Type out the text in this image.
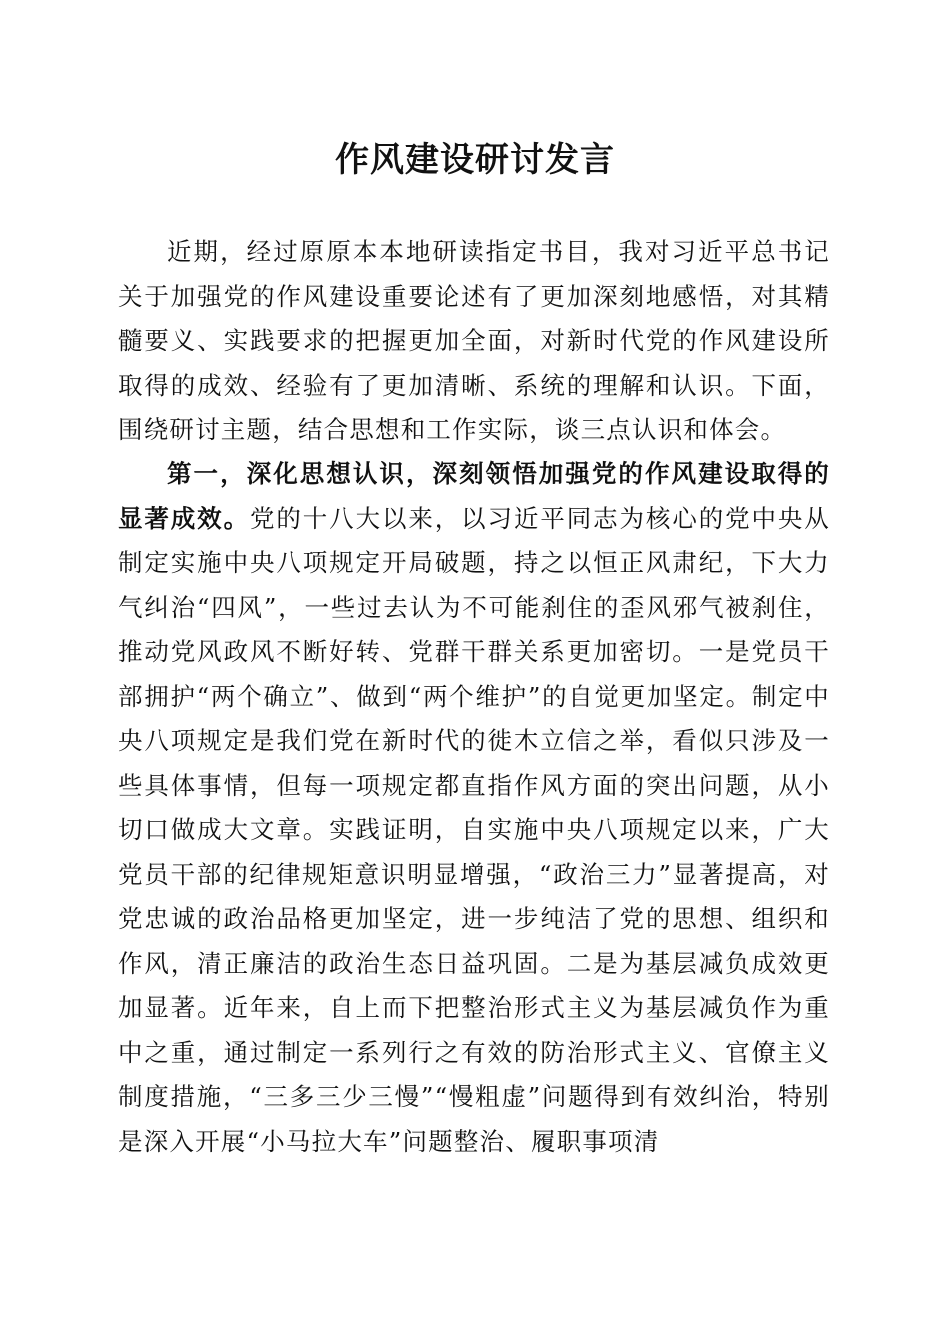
作风建设研讨发言

近期，经过原原本本地研读指定书目，我对习近平总书记关于加强党的作风建设重要论述有了更加深刻地感悟，对其精髓要义、实践要求的把握更加全面，对新时代党的作风建设所取得的成效、经验有了更加清晰、系统的理解和认识。下面，围绕研讨主题，结合思想和工作实际，谈三点认识和体会。

第一，深化思想认识，深刻领悟加强党的作风建设取得的显著成效。党的十八大以来，以习近平同志为核心的党中央从制定实施中央八项规定开局破题，持之以恒正风肃纪，下大力气纠治“四风”，一些过去认为不可能刹住的歪风邪气被刹住，推动党风政风不断好转、党群干群关系更加密切。一是党员干部拥护“两个确立”、做到“两个维护”的自觉更加坚定。制定中央八项规定是我们党在新时代的徙木立信之举，看似只涉及一些具体事情，但每一项规定都直指作风方面的突出问题，从小切口做成大文章。实践证明，自实施中央八项规定以来，广大党员干部的纪律规矩意识明显增强，“政治三力”显著提高，对党忠诚的政治品格更加坚定，进一步纯洁了党的思想、组织和作风，清正廉洁的政治生态日益巩固。二是为基层减负成效更加显著。近年来，自上而下把整治形式主义为基层减负作为重中之重，通过制定一系列行之有效的防治形式主义、官僚主义制度措施，“三多三少三慢”“慢粗虚”问题得到有效纠治，特别是深入开展“小马拉大车”问题整治、履职事项清
